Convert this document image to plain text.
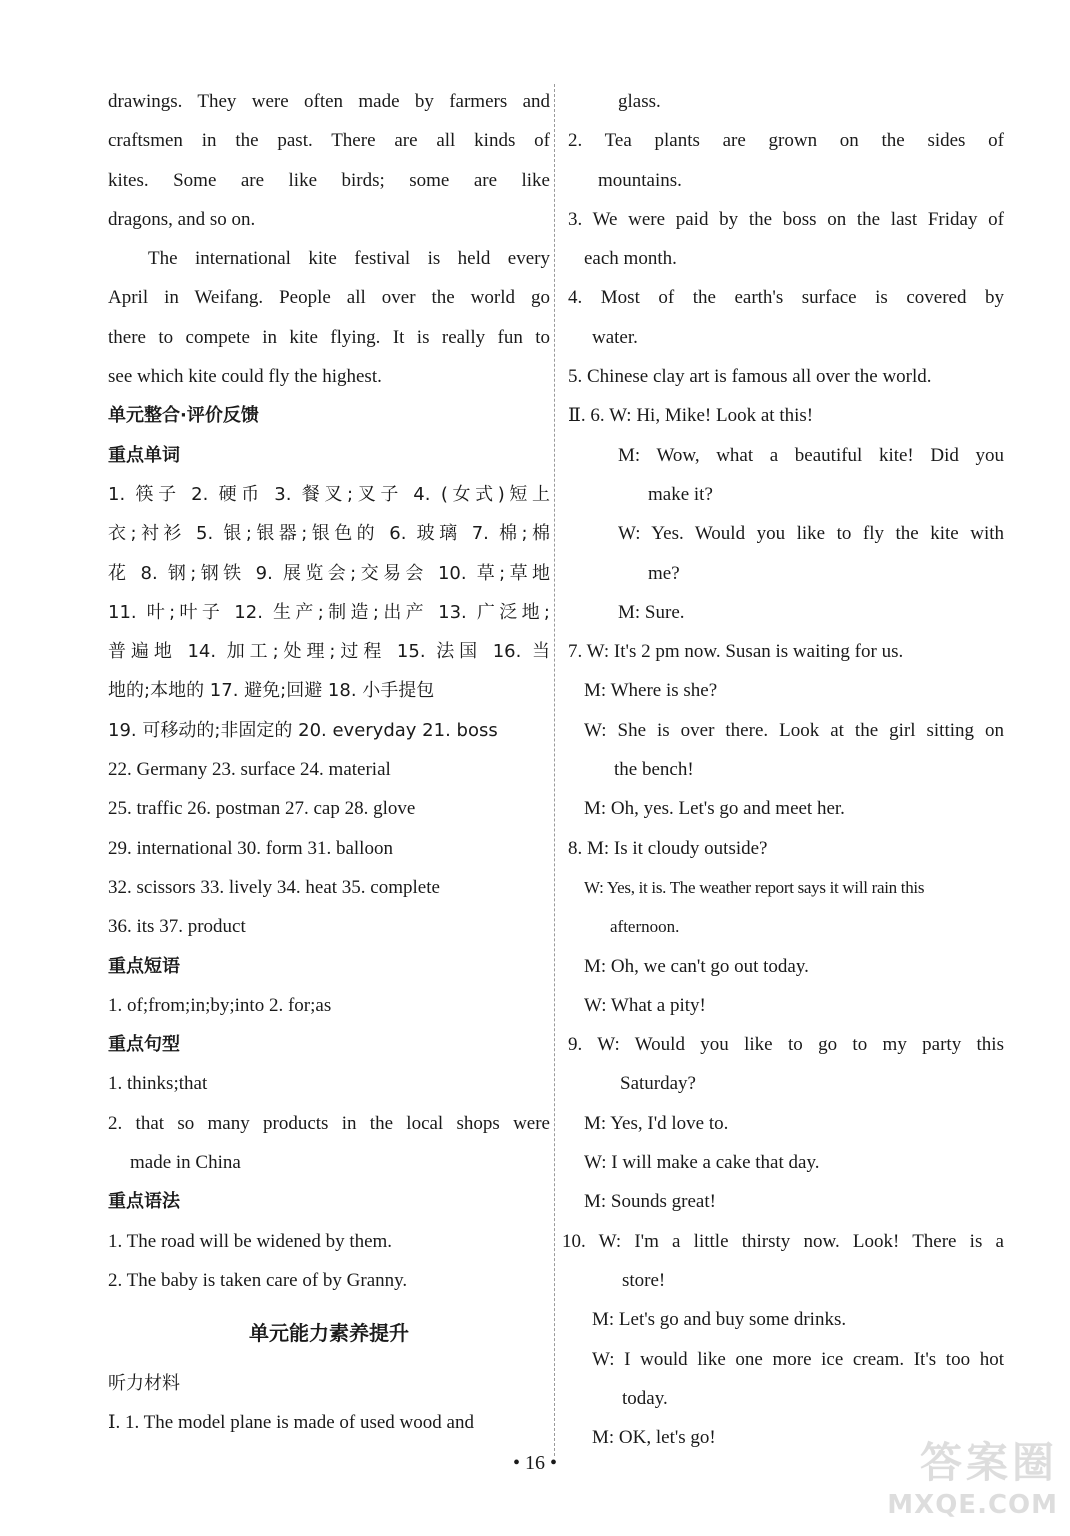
drawings. They were often made by farmers and
craftsmen in the past. There are all kinds of
kites. Some are like birds; some are like
dragons, and so on.
The international kite festival is held every
April in Weifang. People all over the world go
there to compete in kite flying. It is really fun to
see which kite could fly the highest.
单元整合·评价反馈
重点单词
1. 筷子 2. 硬币 3. 餐叉;叉子 4. (女式)短上
衣;衬衫 5. 银;银器;银色的 6. 玻璃 7. 棉;棉
花 8. 钢;钢铁 9. 展览会;交易会 10. 草;草地
11. 叶;叶子 12. 生产;制造;出产 13. 广泛地;
普遍地 14. 加工;处理;过程 15. 法国 16. 当
地的;本地的 17. 避免;回避 18. 小手提包
19. 可移动的;非固定的 20. everyday 21. boss
22. Germany 23. surface 24. material
25. traffic 26. postman 27. cap 28. glove
29. international 30. form 31. balloon
32. scissors 33. lively 34. heat 35. complete
36. its 37. product
重点短语
1. of;from;in;by;into 2. for;as
重点句型
1. thinks;that
2. that so many products in the local shops were
made in China
重点语法
1. The road will be widened by them.
2. The baby is taken care of by Granny.
单元能力素养提升
听力材料
Ⅰ. 1. The model plane is made of used wood and
glass.
2. Tea plants are grown on the sides of
mountains.
3. We were paid by the boss on the last Friday of
each month.
4. Most of the earth's surface is covered by
water.
5. Chinese clay art is famous all over the world.
Ⅱ. 6. W: Hi, Mike! Look at this!
M: Wow, what a beautiful kite! Did you
make it?
W: Yes. Would you like to fly the kite with
me?
M: Sure.
7. W: It's 2 pm now. Susan is waiting for us.
M: Where is she?
W: She is over there. Look at the girl sitting on
the bench!
M: Oh, yes. Let's go and meet her.
8. M: Is it cloudy outside?
W: Yes, it is. The weather report says it will rain this
afternoon.
M: Oh, we can't go out today.
W: What a pity!
9. W: Would you like to go to my party this
Saturday?
M: Yes, I'd love to.
W: I will make a cake that day.
M: Sounds great!
10. W: I'm a little thirsty now. Look! There is a
store!
M: Let's go and buy some drinks.
W: I would like one more ice cream. It's too hot
today.
M: OK, let's go!
• 16 •	答案圈
MXQE.COM
